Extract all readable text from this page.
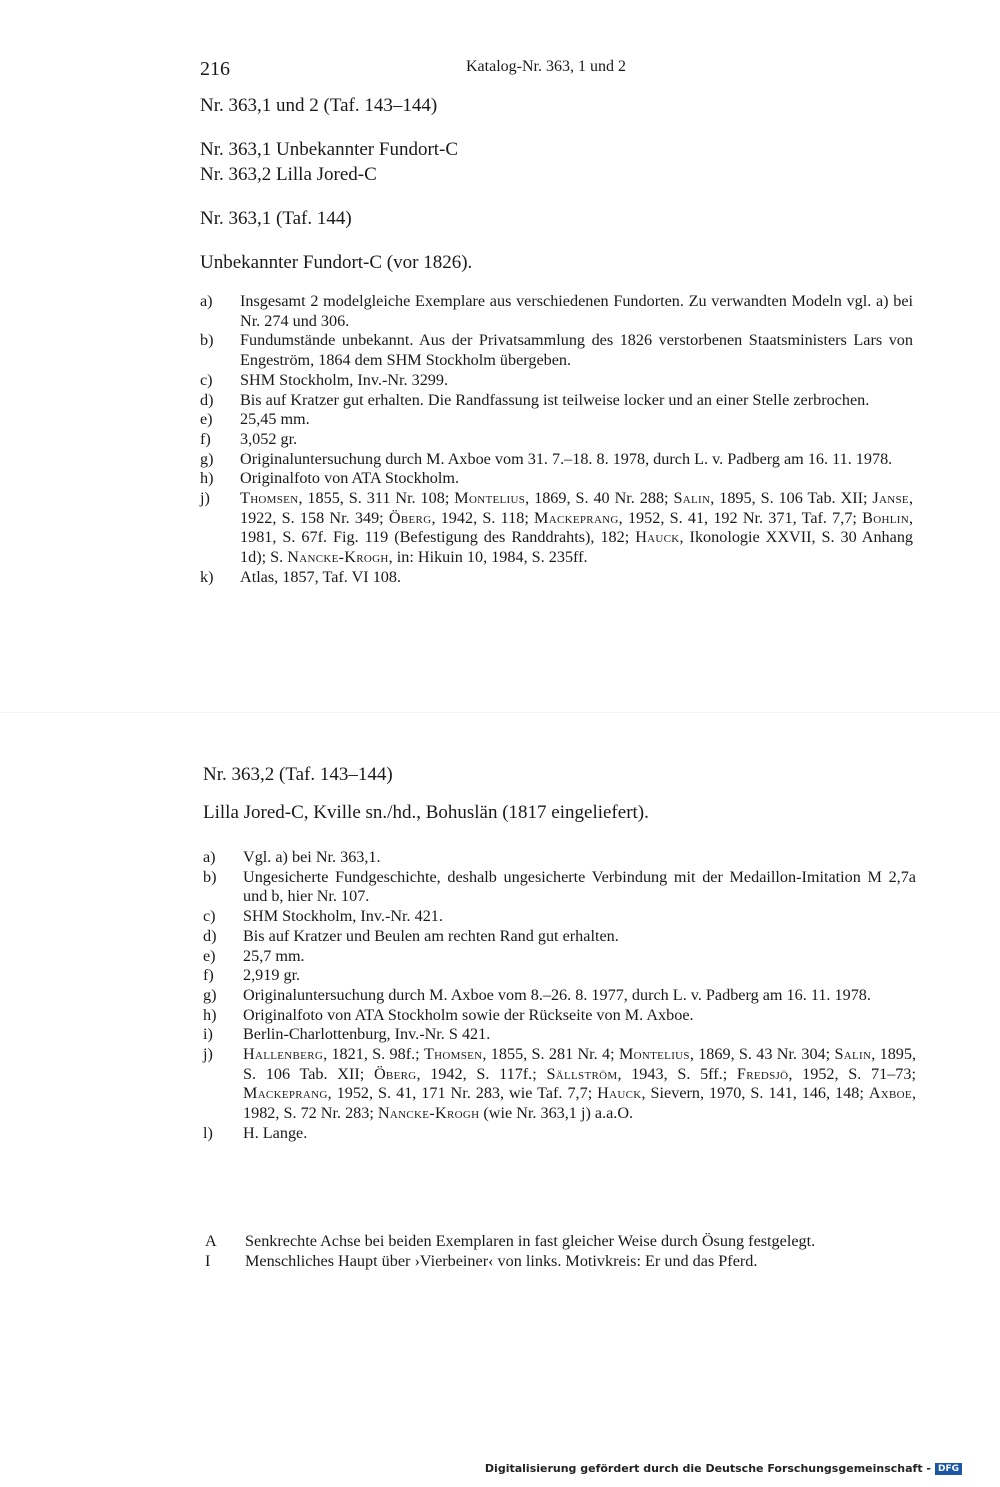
216	Katalog-Nr. 363, 1 und 2
Nr. 363,1 und 2 (Taf. 143–144)
Nr. 363,1 Unbekannter Fundort-C
Nr. 363,2 Lilla Jored-C
Nr. 363,1 (Taf. 144)
Unbekannter Fundort-C (vor 1826).
a) Insgesamt 2 modelgleiche Exemplare aus verschiedenen Fundorten. Zu verwandten Modeln vgl. a) bei Nr. 274 und 306.
b) Fundumstände unbekannt. Aus der Privatsammlung des 1826 verstorbenen Staatsministers Lars von Engeström, 1864 dem SHM Stockholm übergeben.
c) SHM Stockholm, Inv.-Nr. 3299.
d) Bis auf Kratzer gut erhalten. Die Randfassung ist teilweise locker und an einer Stelle zerbrochen.
e) 25,45 mm.
f) 3,052 gr.
g) Originaluntersuchung durch M. Axboe vom 31. 7.–18. 8. 1978, durch L. v. Padberg am 16. 11. 1978.
h) Originalfoto von ATA Stockholm.
j) Thomsen, 1855, S. 311 Nr. 108; Montelius, 1869, S. 40 Nr. 288; Salin, 1895, S. 106 Tab. XII; Janse, 1922, S. 158 Nr. 349; Öberg, 1942, S. 118; Mackeprang, 1952, S. 41, 192 Nr. 371, Taf. 7,7; Bohlin, 1981, S. 67f. Fig. 119 (Befestigung des Randdrahts), 182; Hauck, Ikonologie XXVII, S. 30 Anhang 1d); S. Nancke-Krogh, in: Hikuin 10, 1984, S. 235ff.
k) Atlas, 1857, Taf. VI 108.
Nr. 363,2 (Taf. 143–144)
Lilla Jored-C, Kville sn./hd., Bohuslän (1817 eingeliefert).
a) Vgl. a) bei Nr. 363,1.
b) Ungesicherte Fundgeschichte, deshalb ungesicherte Verbindung mit der Medaillon-Imitation M 2,7a und b, hier Nr. 107.
c) SHM Stockholm, Inv.-Nr. 421.
d) Bis auf Kratzer und Beulen am rechten Rand gut erhalten.
e) 25,7 mm.
f) 2,919 gr.
g) Originaluntersuchung durch M. Axboe vom 8.–26. 8. 1977, durch L. v. Padberg am 16. 11. 1978.
h) Originalfoto von ATA Stockholm sowie der Rückseite von M. Axboe.
i) Berlin-Charlottenburg, Inv.-Nr. S 421.
j) Hallenberg, 1821, S. 98f.; Thomsen, 1855, S. 281 Nr. 4; Montelius, 1869, S. 43 Nr. 304; Salin, 1895, S. 106 Tab. XII; Öberg, 1942, S. 117f.; Sällström, 1943, S. 5ff.; Fredsjö, 1952, S. 71–73; Mackeprang, 1952, S. 41, 171 Nr. 283, wie Taf. 7,7; Hauck, Sievern, 1970, S. 141, 146, 148; Axboe, 1982, S. 72 Nr. 283; Nancke-Krogh (wie Nr. 363,1 j) a.a.O.
l) H. Lange.
A Senkrechte Achse bei beiden Exemplaren in fast gleicher Weise durch Ösung festgelegt.
I Menschliches Haupt über ›Vierbeiner‹ von links. Motivkreis: Er und das Pferd.
Digitalisierung gefördert durch die Deutsche Forschungsgemeinschaft - DFG
